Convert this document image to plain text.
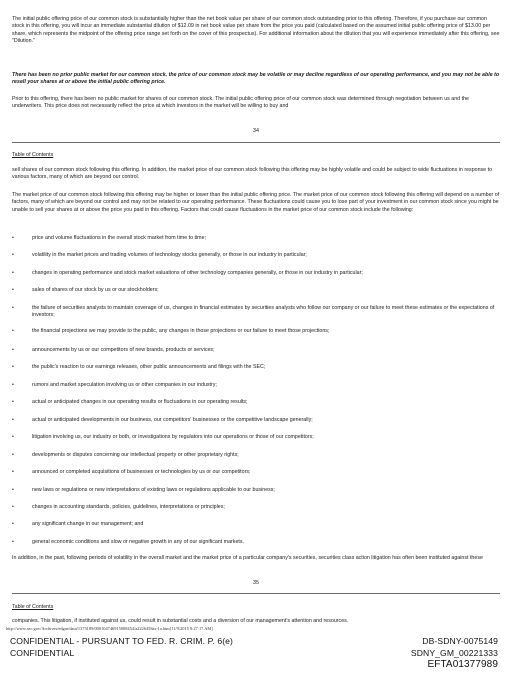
The initial public offering price of our common stock is substantially higher than the net book value per share of our common stock outstanding prior to this offering. Therefore, if you purchase our common stock in this offering, you will incur an immediate substantial dilution of $12.09 in net book value per share from the price you paid (calculated based on the assumed initial public offering price of $13.00 per share, which represents the midpoint of the offering price range set forth on the cover of this prospectus). For additional information about the dilution that you will experience immediately after this offering, see "Dilution."

There has been no prior public market for our common stock, the price of our common stock may be volatile or may decline regardless of our operating performance, and you may not be able to resell your shares at or above the initial public offering price.

Prior to this offering, there has been no public market for shares of our common stock. The initial public offering price of our common stock was determined through negotiation between us and the underwriters. This price does not necessarily reflect the price at which investors in the market will be willing to buy and

34
Table of Contents

sell shares of our common stock following this offering. In addition, the market price of our common stock following this offering may be highly volatile and could be subject to wide fluctuations in response to various factors, many of which are beyond our control.

The market price of our common stock following this offering may be higher or lower than the initial public offering price. The market price of our common stock following this offering will depend on a number of factors, many of which are beyond our control and may not be related to our operating performance. These fluctuations could cause you to lose part of your investment in our common stock since you might be unable to sell your shares at or above the price you paid in this offering. Factors that could cause fluctuations in the market price of our common stock include the following:

•	price and volume fluctuations in the overall stock market from time to time;
•	volatility in the market prices and trading volumes of technology stocks generally, or those in our industry in particular;
•	changes in operating performance and stock market valuations of other technology companies generally, or those in our industry in particular;
•	sales of shares of our stock by us or our stockholders;
•	the failure of securities analysts to maintain coverage of us, changes in financial estimates by securities analysts who follow our company or our failure to meet these estimates or the expectations of investors;
•	the financial projections we may provide to the public, any changes in those projections or our failure to meet those projections;
•	announcements by us or our competitors of new brands, products or services;
•	the public's reaction to our earnings releases, other public announcements and filings with the SEC;
•	rumors and market speculation involving us or other companies in our industry;
•	actual or anticipated changes in our operating results or fluctuations in our operating results;
•	actual or anticipated developments in our business, our competitors' businesses or the competitive landscape generally;
•	litigation involving us, our industry or both, or investigations by regulators into our operations or those of our competitors;
•	developments or disputes concerning our intellectual property or other proprietary rights;
•	announced or completed acquisitions of businesses or technologies by us or our competitors;
•	new laws or regulations or new interpretations of existing laws or regulations applicable to our business;
•	changes in accounting standards, policies, guidelines, interpretations or principles;
•	any significant change in our management; and
•	general economic conditions and slow or negative growth in any of our significant markets.

In addition, in the past, following periods of volatility in the overall market and the market price of a particular company's securities, securities class action litigation has often been instituted against these

35
Table of Contents

companies. This litigation, if instituted against us, could result in substantial costs and a diversion of our management's attention and resources.

http://www.sec.gov/Archives/edgar/data/1375189/000104746915008454/a2226458zs-1a.htm[11/9/2015 9:27:17 AM]
CONFIDENTIAL - PURSUANT TO FED. R. CRIM. P. 6(e)
CONFIDENTIAL
DB-SDNY-0075149
SDNY_GM_00221333
EFTA01377989
